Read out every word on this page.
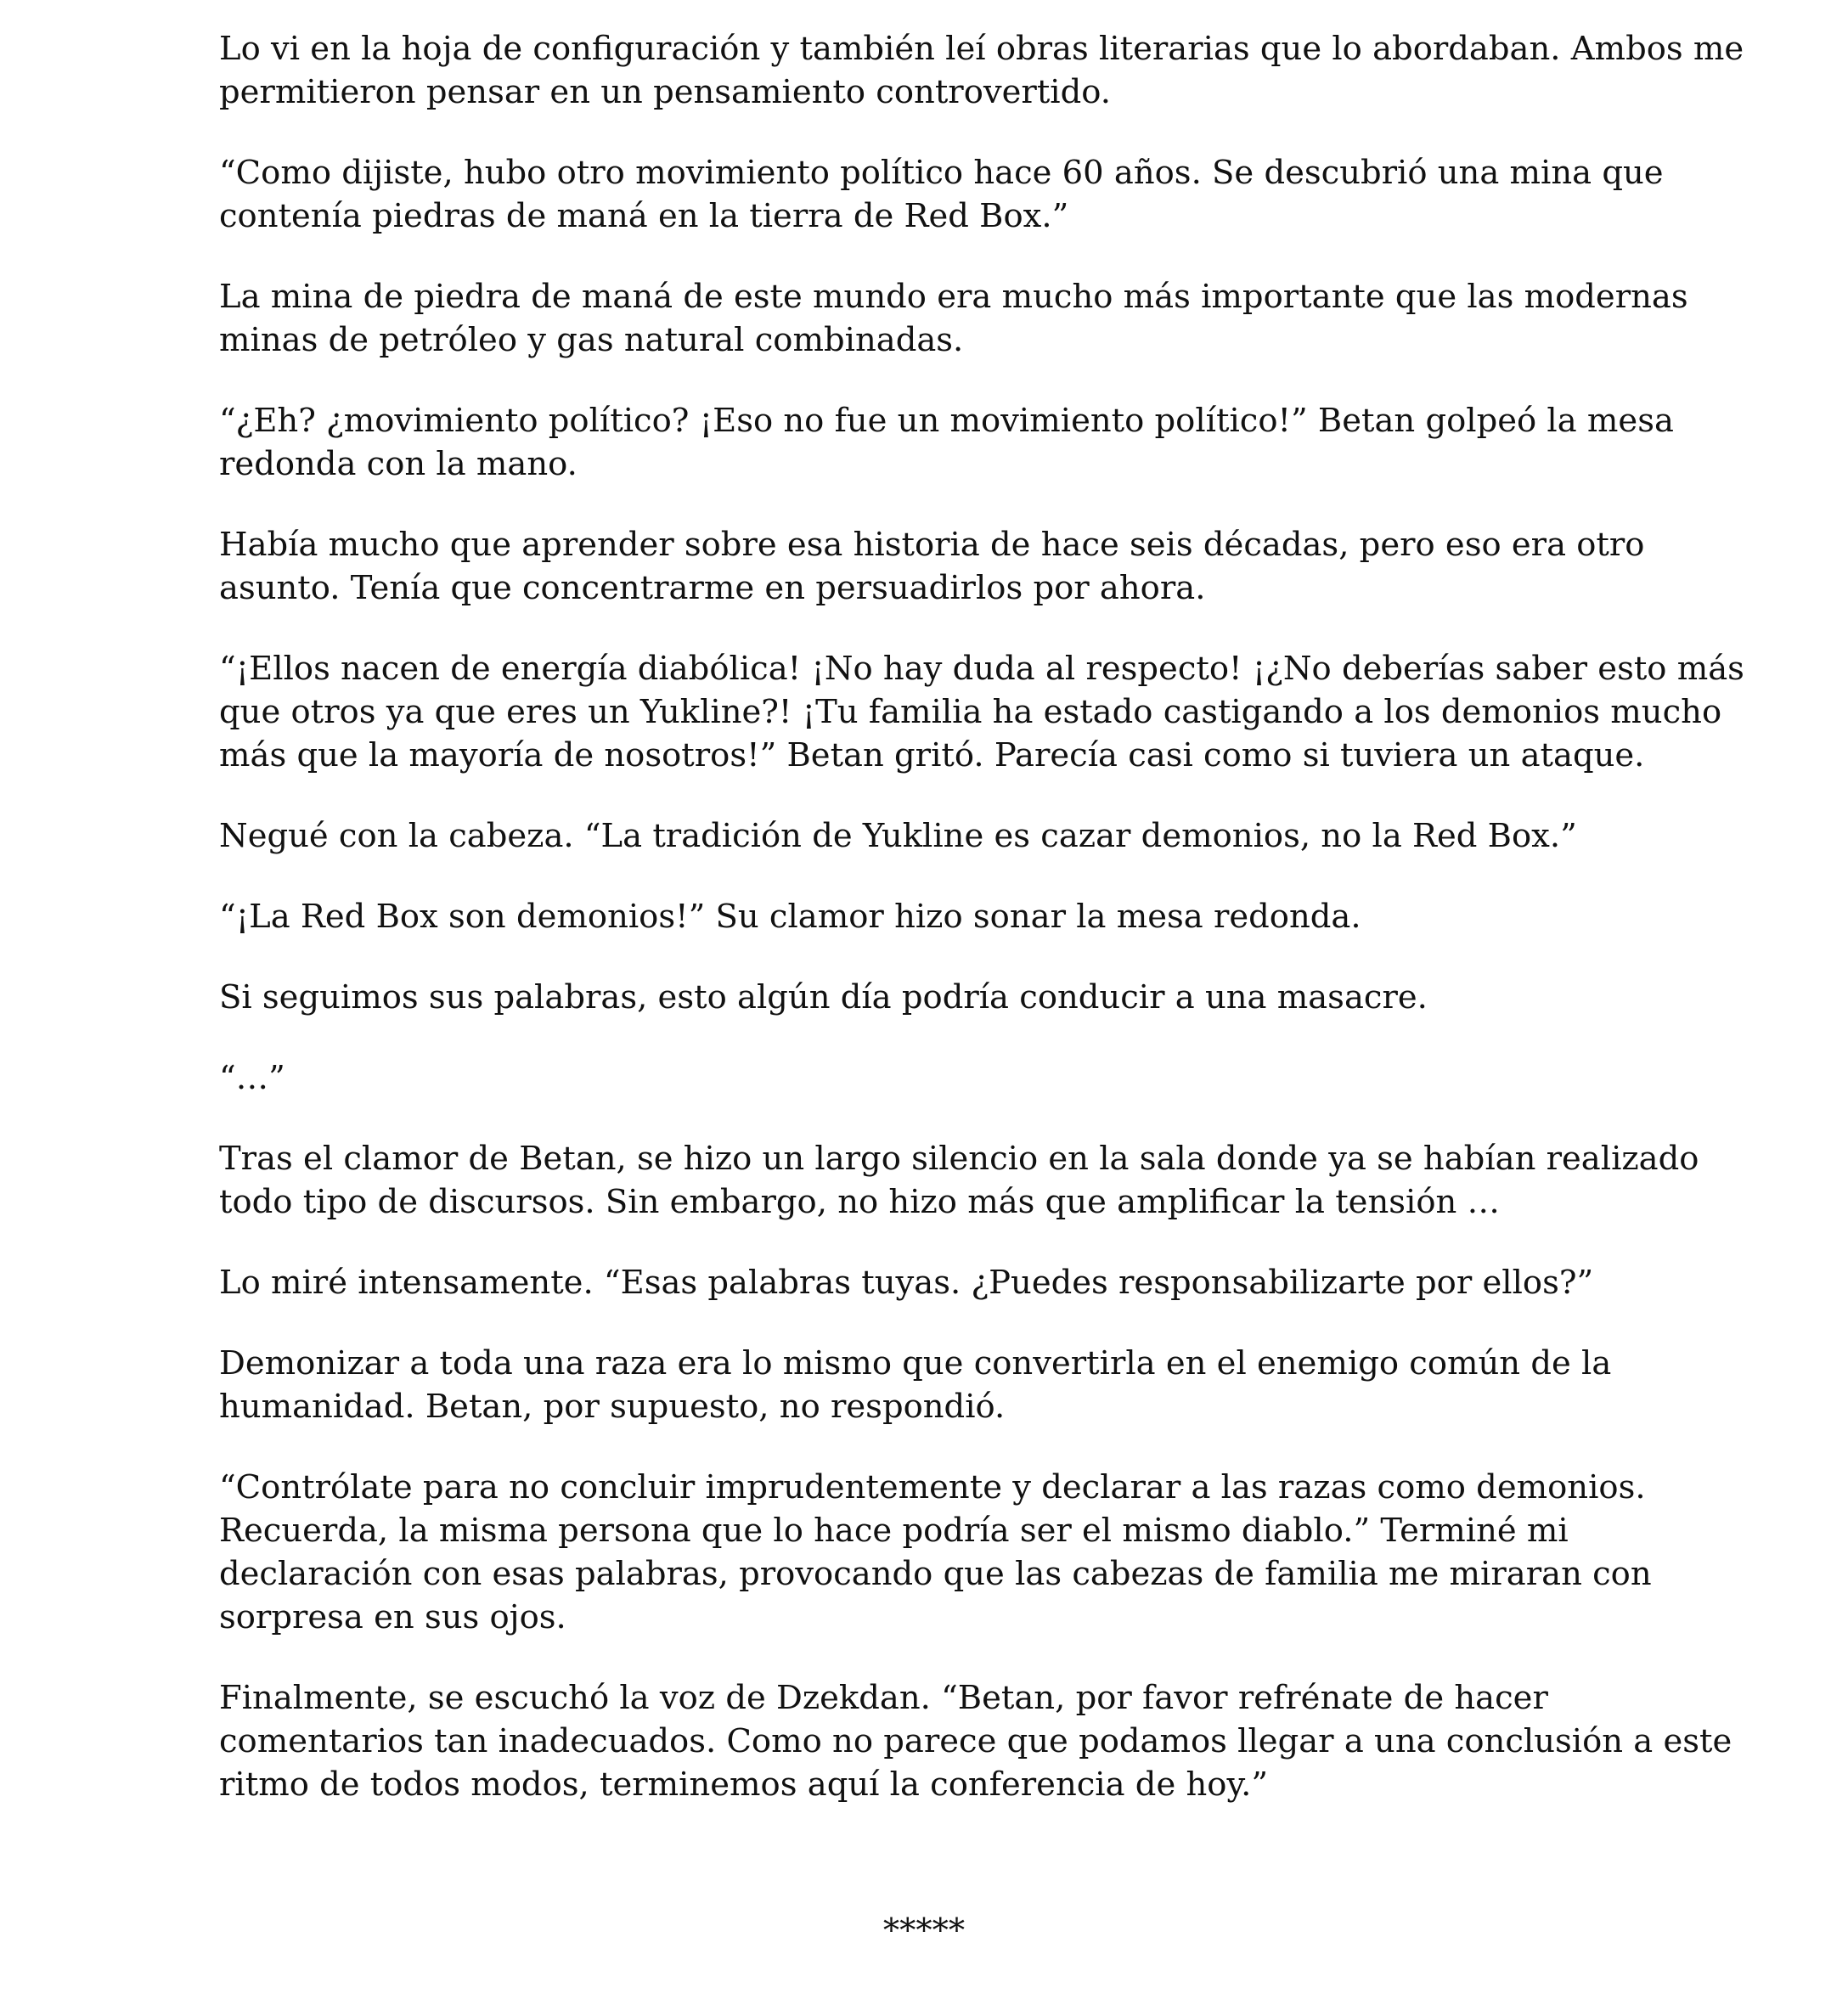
Lo vi en la hoja de configuración y también leí obras literarias que lo abordaban. Ambos me
permitieron pensar en un pensamiento controvertido.

“Como dijiste, hubo otro movimiento político hace 60 años. Se descubrió una mina que
contenía piedras de maná en la tierra de Red Box.”

La mina de piedra de maná de este mundo era mucho más importante que las modernas
minas de petróleo y gas natural combinadas.

“¿Eh? ¿movimiento político? ¡Eso no fue un movimiento político!” Betan golpeó la mesa
redonda con la mano.

Había mucho que aprender sobre esa historia de hace seis décadas, pero eso era otro
asunto. Tenía que concentrarme en persuadirlos por ahora.

“¡Ellos nacen de energía diabólica! ¡No hay duda al respecto! ¡¿No deberías saber esto más
que otros ya que eres un Yukline?! ¡Tu familia ha estado castigando a los demonios mucho
más que la mayoría de nosotros!” Betan gritó. Parecía casi como si tuviera un ataque.

Negué con la cabeza. “La tradición de Yukline es cazar demonios, no la Red Box.”

“¡La Red Box son demonios!” Su clamor hizo sonar la mesa redonda.

Si seguimos sus palabras, esto algún día podría conducir a una masacre.

“…”

Tras el clamor de Betan, se hizo un largo silencio en la sala donde ya se habían realizado
todo tipo de discursos. Sin embargo, no hizo más que amplificar la tensión …

Lo miré intensamente. “Esas palabras tuyas. ¿Puedes responsabilizarte por ellos?”

Demonizar a toda una raza era lo mismo que convertirla en el enemigo común de la
humanidad. Betan, por supuesto, no respondió.

“Contrólate para no concluir imprudentemente y declarar a las razas como demonios.
Recuerda, la misma persona que lo hace podría ser el mismo diablo.” Terminé mi
declaración con esas palabras, provocando que las cabezas de familia me miraran con
sorpresa en sus ojos.

Finalmente, se escuchó la voz de Dzekdan. “Betan, por favor refrénate de hacer
comentarios tan inadecuados. Como no parece que podamos llegar a una conclusión a este
ritmo de todos modos, terminemos aquí la conferencia de hoy.”

*****
